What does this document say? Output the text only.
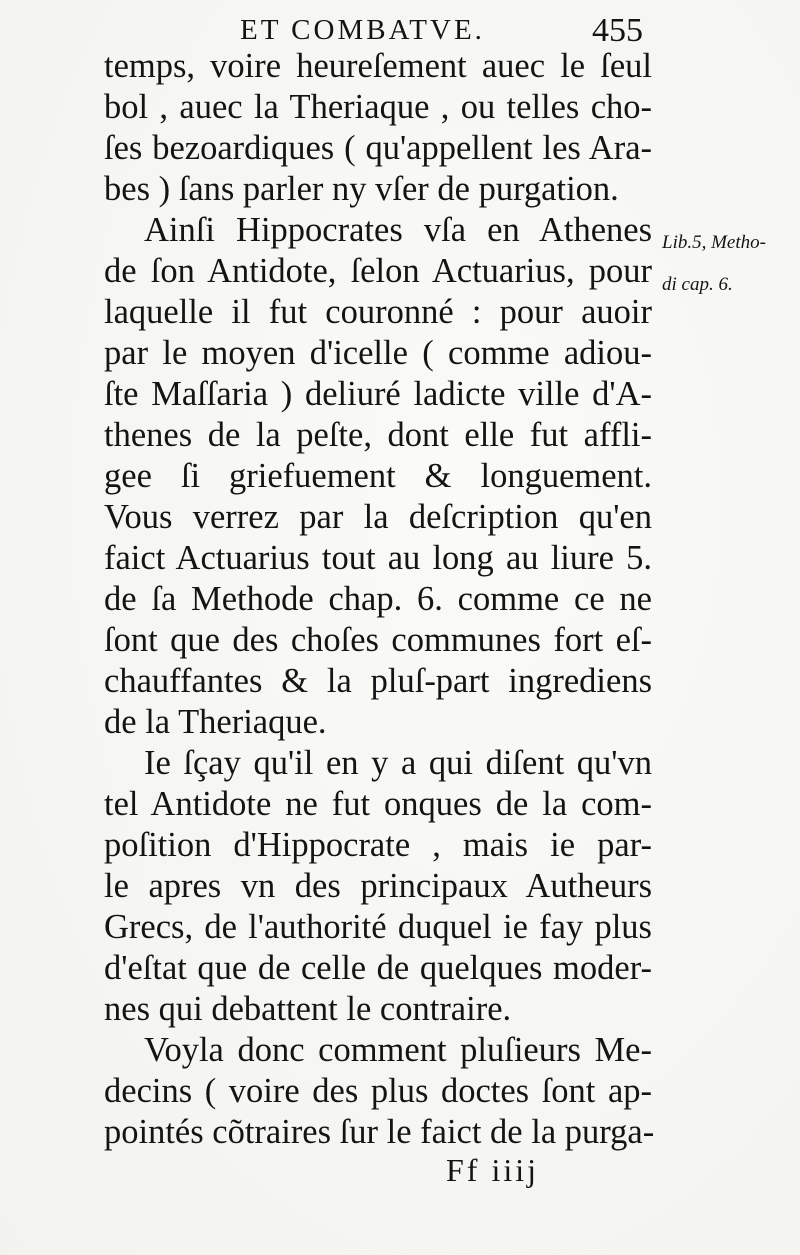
ET COMBATVE.	455
Lib.5, Metho-
di cap. 6.
temps, voire heureſement auec le ſeul
bol , auec la Theriaque , ou telles cho-
ſes bezoardiques ( qu'appellent les Ara-
bes ) ſans parler ny vſer de purgation.
Ainſi Hippocrates vſa en Athenes
de ſon Antidote, ſelon Actuarius, pour
laquelle il fut couronné : pour auoir
par le moyen d'icelle ( comme adiou-
ſte Maſſaria ) deliuré ladicte ville d'A-
thenes de la peſte, dont elle fut affli-
gee ſi griefuement & longuement.
Vous verrez par la deſcription qu'en
faict Actuarius tout au long au liure 5.
de ſa Methode chap. 6. comme ce ne
ſont que des choſes communes fort eſ-
chauffantes & la pluſ-part ingrediens
de la Theriaque.
Ie ſçay qu'il en y a qui diſent qu'vn
tel Antidote ne fut onques de la com-
poſition d'Hippocrate , mais ie par-
le apres vn des principaux Autheurs
Grecs, de l'authorité duquel ie fay plus
d'eſtat que de celle de quelques moder-
nes qui debattent le contraire.
Voyla donc comment pluſieurs Me-
decins ( voire des plus doctes ſont ap-
pointés cõtraires ſur le faict de la purga-
Ff iiij
